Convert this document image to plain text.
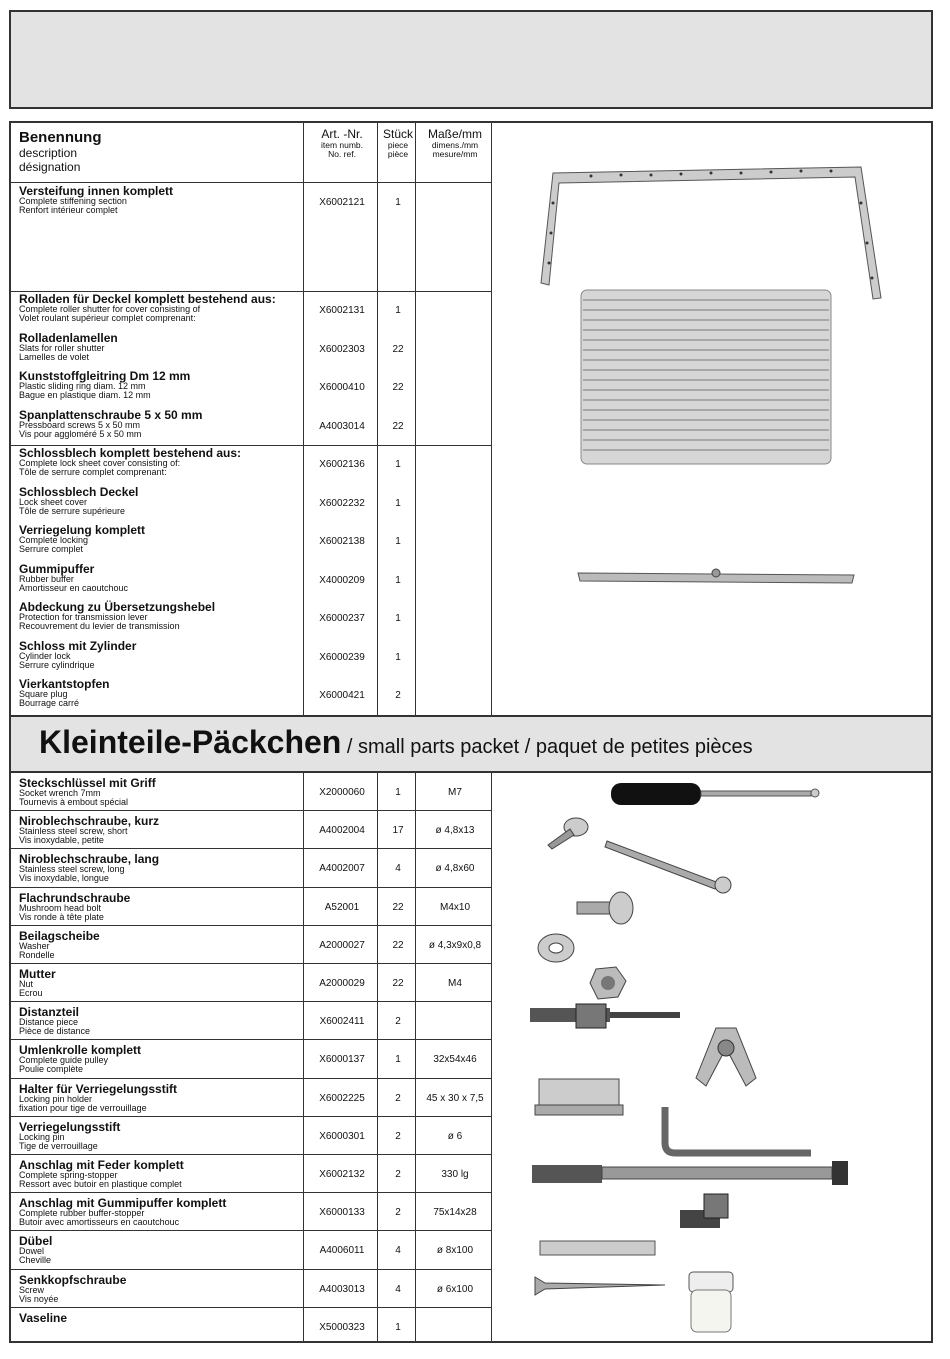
Benennung
description
désignation
Art. -Nr.
item numb.
No. ref.
Stück
piece
pièce
Maße/mm
dimens./mm
mesure/mm
Kleinteile-Päckchen / small parts packet / paquet de petites pièces
Versteifung innen komplett
Complete stiffening section
Renfort intérieur complet
X6002121	1
Rolladen für Deckel komplett bestehend aus:
Complete roller shutter for cover consisting of
Volet roulant supérieur complet comprenant:
X6002131	1
Rolladenlamellen
Slats for roller shutter
Lamelles de volet
X6002303	22
Kunststoffgleitring Dm 12 mm
Plastic sliding ring diam. 12 mm
Bague en plastique diam. 12 mm
X6000410	22
Spanplattenschraube 5 x 50 mm
Pressboard screws 5 x 50 mm
Vis pour aggloméré 5 x 50 mm
A4003014	22
Schlossblech komplett bestehend aus:
Complete lock sheet cover consisting of:
Tôle de serrure complet comprenant:
X6002136	1
Schlossblech Deckel
Lock sheet cover
Tôle de serrure supérieure
X6002232	1
Verriegelung komplett
Complete locking
Serrure complet
X6002138	1
Gummipuffer
Rubber buffer
Amortisseur en caoutchouc
X4000209	1
Abdeckung zu Übersetzungshebel
Protection for transmission lever
Recouvrement du levier de transmission
X6000237	1
Schloss mit Zylinder
Cylinder lock
Serrure cylindrique
X6000239	1
Vierkantstopfen
Square plug
Bourrage carré
X6000421	2
Steckschlüssel mit Griff
Socket wrench 7mm
Tournevis à embout spécial
X2000060	1	M7
Niroblechschraube, kurz
Stainless steel screw, short
Vis inoxydable, petite
A4002004	17	ø 4,8x13
Niroblechschraube, lang
Stainless steel screw, long
Vis inoxydable, longue
A4002007	4	ø 4,8x60
Flachrundschraube
Mushroom head bolt
Vis ronde à tête plate
A52001	22	M4x10
Beilagscheibe
Washer
Rondelle
A2000027	22	ø 4,3x9x0,8
Mutter
Nut
Ecrou
A2000029	22	M4
Distanzteil
Distance piece
Pièce de distance
X6002411	2
Umlenkrolle komplett
Complete guide pulley
Poulie complète
X6000137	1	32x54x46
Halter für Verriegelungsstift
Locking pin holder
fixation pour tige de verrouillage
X6002225	2	45 x 30 x 7,5
Verriegelungsstift
Locking pin
Tige de verrouillage
X6000301	2	ø 6
Anschlag mit Feder komplett
Complete spring-stopper
Ressort avec butoir en plastique complet
X6002132	2	330 lg
Anschlag mit Gummipuffer komplett
Complete rubber buffer-stopper
Butoir avec amortisseurs en caoutchouc
X6000133	2	75x14x28
Dübel
Dowel
Cheville
A4006011	4	ø 8x100
Senkkopfschraube
Screw
Vis noyée
A4003013	4	ø 6x100
Vaseline
X5000323	1
